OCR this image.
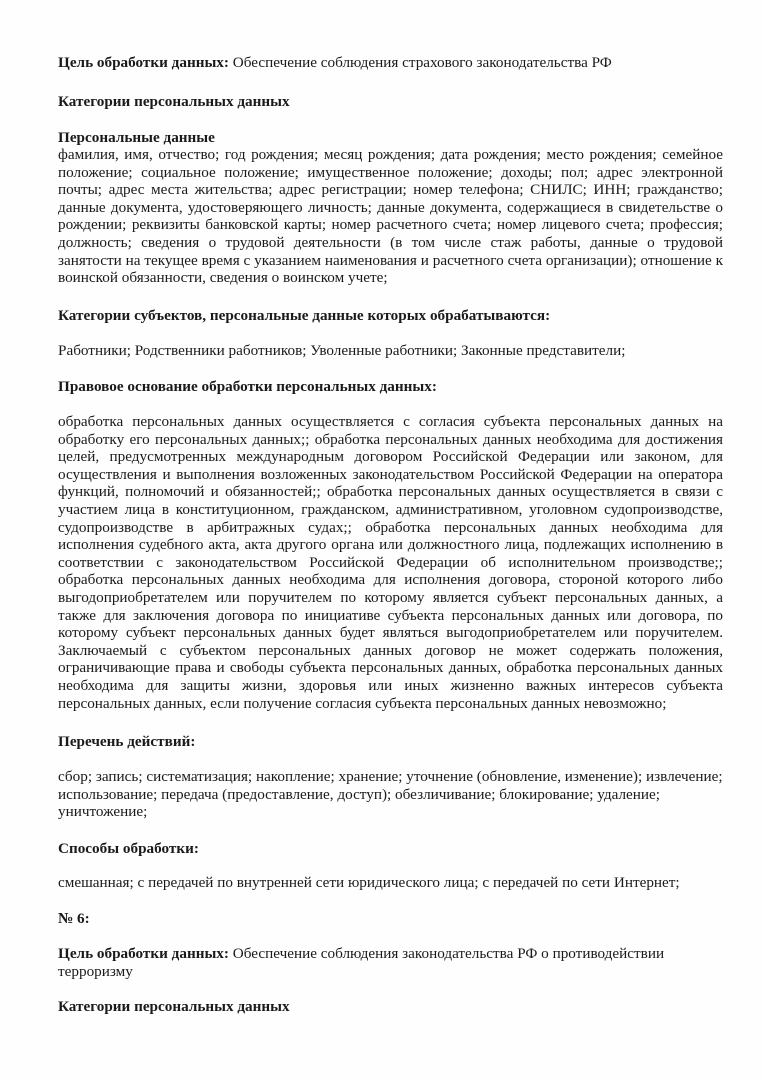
Цель обработки данных: Обеспечение соблюдения страхового законодательства РФ

Категории персональных данных

Персональные данные

фамилия, имя, отчество; год рождения; месяц рождения; дата рождения; место рождения; семейное положение; социальное положение; имущественное положение; доходы; пол; адрес электронной почты; адрес места жительства; адрес регистрации; номер телефона; СНИЛС; ИНН; гражданство; данные документа, удостоверяющего личность; данные документа, содержащиеся в свидетельстве о рождении; реквизиты банковской карты; номер расчетного счета; номер лицевого счета; профессия; должность; сведения о трудовой деятельности (в том числе стаж работы, данные о трудовой занятости на текущее время с указанием наименования и расчетного счета организации); отношение к воинской обязанности, сведения о воинском учете;

Категории субъектов, персональные данные которых обрабатываются:

Работники; Родственники работников; Уволенные работники; Законные представители;

Правовое основание обработки персональных данных:

обработка персональных данных осуществляется с согласия субъекта персональных данных на обработку его персональных данных;; обработка персональных данных необходима для достижения целей, предусмотренных международным договором Российской Федерации или законом, для осуществления и выполнения возложенных законодательством Российской Федерации на оператора функций, полномочий и обязанностей;; обработка персональных данных осуществляется в связи с участием лица в конституционном, гражданском, административном, уголовном судопроизводстве, судопроизводстве в арбитражных судах;; обработка персональных данных необходима для исполнения судебного акта, акта другого органа или должностного лица, подлежащих исполнению в соответствии с законодательством Российской Федерации об исполнительном производстве;; обработка персональных данных необходима для исполнения договора, стороной которого либо выгодоприобретателем или поручителем по которому является субъект персональных данных, а также для заключения договора по инициативе субъекта персональных данных или договора, по которому субъект персональных данных будет являться выгодоприобретателем или поручителем. Заключаемый с субъектом персональных данных договор не может содержать положения, ограничивающие права и свободы субъекта персональных данных, обработка персональных данных необходима для защиты жизни, здоровья или иных жизненно важных интересов субъекта персональных данных, если получение согласия субъекта персональных данных невозможно;

Перечень действий:

сбор; запись; систематизация; накопление; хранение; уточнение (обновление, изменение); извлечение; использование; передача (предоставление, доступ); обезличивание; блокирование; удаление; уничтожение;

Способы обработки:

смешанная; с передачей по внутренней сети юридического лица; с передачей по сети Интернет;

№ 6:

Цель обработки данных: Обеспечение соблюдения законодательства РФ о противодействии терроризму

Категории персональных данных
